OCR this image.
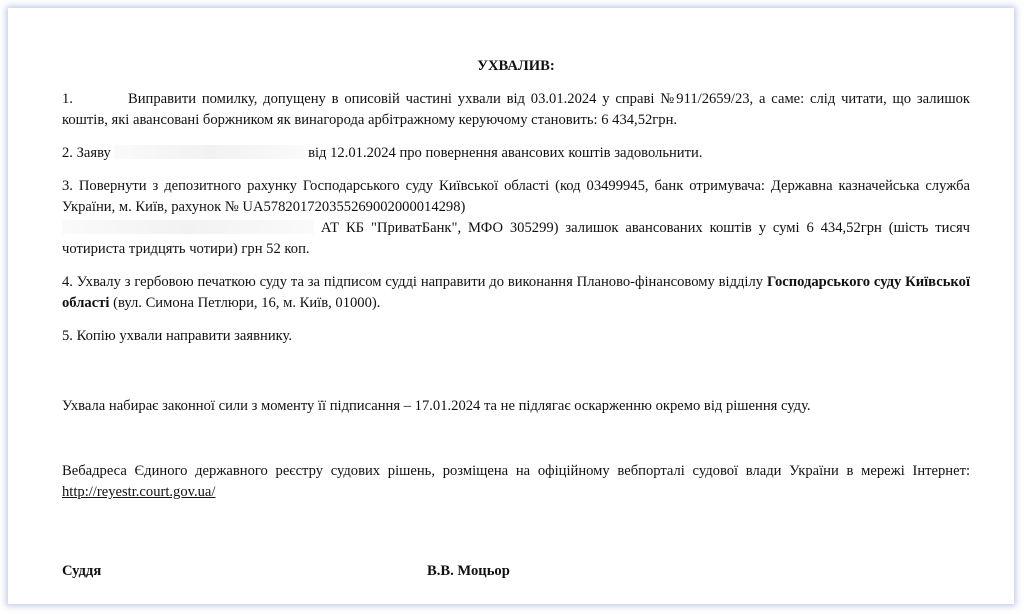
УХВАЛИВ:

1.	Виправити помилку, допущену в описовій частині ухвали від 03.01.2024 у справі №911/2659/23, а саме: слід читати, що залишок коштів, які авансовані боржником як винагорода арбітражному керуючому становить: 6 434,52грн.

2. Заяву	від 12.01.2024 про повернення авансових коштів задовольнити.

3. Повернути з депозитного рахунку Господарського суду Київської області (код 03499945, банк отримувача: Державна казначейська служба України, м. Київ, рахунок № UA578201720355269002000014298)
АТ КБ "ПриватБанк", МФО 305299) залишок авансованих коштів у сумі 6 434,52грн (шість тисяч чотириста тридцять чотири) грн 52 коп.

4. Ухвалу з гербовою печаткою суду та за підписом судді направити до виконання Планово-фінансовому відділу Господарського суду Київської області (вул. Симона Петлюри, 16, м. Київ, 01000).

5. Копію ухвали направити заявнику.

Ухвала набирає законної сили з моменту її підписання – 17.01.2024 та не підлягає оскарженню окремо від рішення суду.

Вебадреса Єдиного державного реєстру судових рішень, розміщена на офіційному вебпорталі судової влади України в мережі Інтернет: http://reyestr.court.gov.ua/

Суддя	В.В. Моцьор
